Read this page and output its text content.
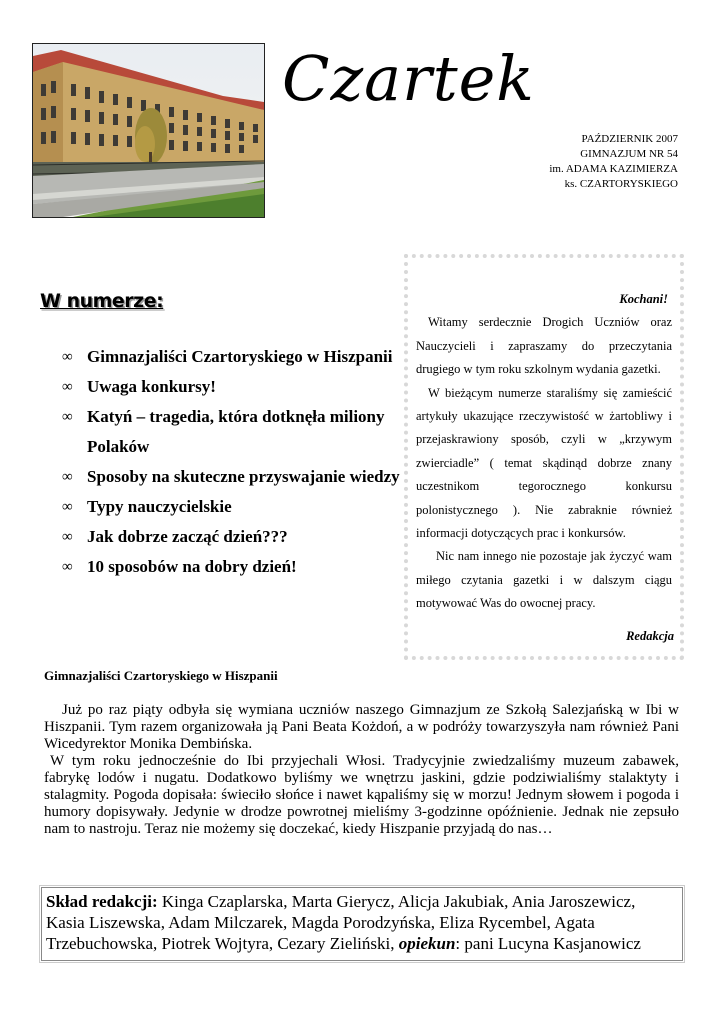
Czartek
PAŹDZIERNIK 2007
GIMNAZJUM NR 54
im. ADAMA KAZIMIERZA
ks. CZARTORYSKIEGO
W numerze:
∞ Gimnazjaliści Czartoryskiego w Hiszpanii
∞ Uwaga konkursy!
∞ Katyń – tragedia, która dotknęła miliony Polaków
∞ Sposoby na skuteczne przyswajanie wiedzy
∞ Typy nauczycielskie
∞ Jak dobrze zacząć dzień???
∞ 10 sposobów na dobry dzień!
Kochani!

Witamy serdecznie Drogich Uczniów oraz Nauczycieli i zapraszamy do przeczytania drugiego w tym roku szkolnym wydania gazetki.

W bieżącym numerze staraliśmy się zamieścić artykuły ukazujące rzeczywistość w żartobliwy i przejaskrawiony sposób, czyli w „krzywym zwierciadle” ( temat skądinąd dobrze znany uczestnikom tegorocznego konkursu polonistycznego ). Nie zabraknie również informacji dotyczących prac i konkursów.

Nic nam innego nie pozostaje jak życzyć wam miłego czytania gazetki i w dalszym ciągu motywować Was do owocnej pracy.

Redakcja
Gimnazjaliści Czartoryskiego w Hiszpanii

Już po raz piąty odbyła się wymiana uczniów naszego Gimnazjum ze Szkołą Salezjańską w Ibi w Hiszpanii. Tym razem organizowała ją Pani Beata Kożdoń, a w podróży towarzyszyła nam również Pani Wicedyrektor Monika Dembińska.

W tym roku jednocześnie do Ibi przyjechali Włosi. Tradycyjnie zwiedzaliśmy muzeum zabawek, fabrykę lodów i nugatu. Dodatkowo byliśmy we wnętrzu jaskini, gdzie podziwialiśmy stalaktyty i stalagmity. Pogoda dopisała: świeciło słońce i nawet kąpaliśmy się w morzu! Jednym słowem i pogoda i humory dopisywały. Jedynie w drodze powrotnej mieliśmy 3-godzinne opóźnienie. Jednak nie zepsuło nam to nastroju. Teraz nie możemy się doczekać, kiedy Hiszpanie przyjadą do nas…

Skład redakcji: Kinga Czaplarska, Marta Gierycz, Alicja Jakubiak, Ania Jaroszewicz, Kasia Liszewska, Adam Milczarek, Magda Porodzyńska, Eliza Rycembel, Agata Trzebuchowska, Piotrek Wojtyra, Cezary Zieliński, opiekun: pani Lucyna Kasjanowicz
